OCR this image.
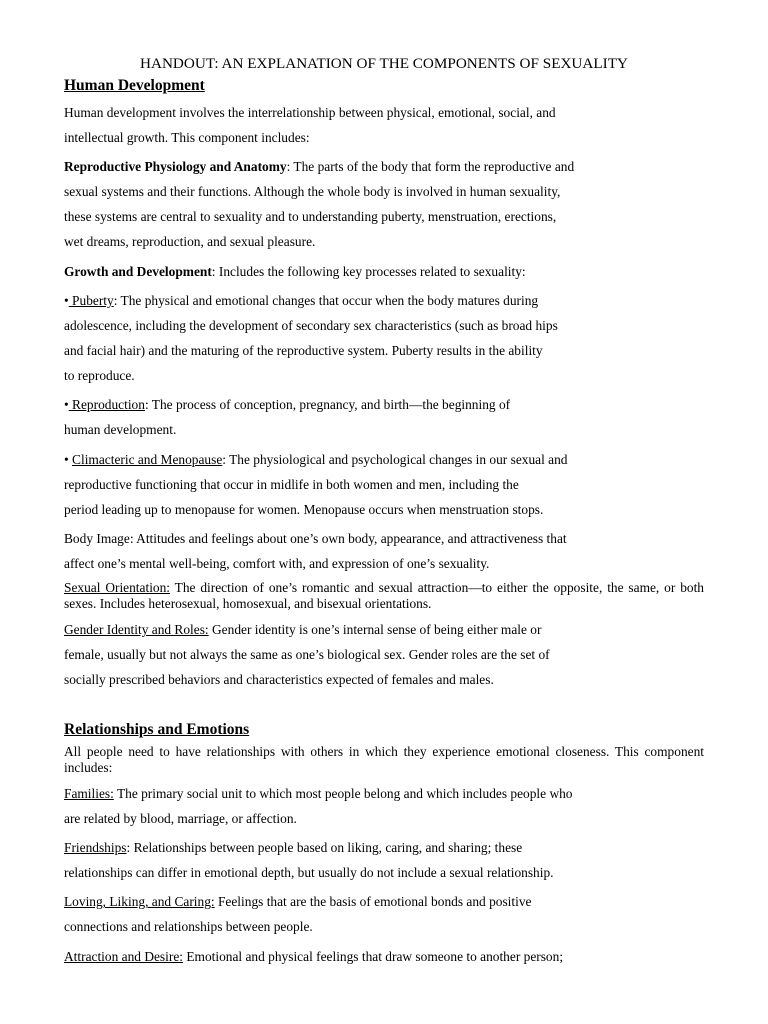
HANDOUT: AN EXPLANATION OF THE COMPONENTS OF SEXUALITY

Human Development

Human development involves the interrelationship between physical, emotional, social, and
intellectual growth. This component includes:

Reproductive Physiology and Anatomy: The parts of the body that form the reproductive and
sexual systems and their functions. Although the whole body is involved in human sexuality,
these systems are central to sexuality and to understanding puberty, menstruation, erections,
wet dreams, reproduction, and sexual pleasure.

Growth and Development: Includes the following key processes related to sexuality:

• Puberty: The physical and emotional changes that occur when the body matures during
adolescence, including the development of secondary sex characteristics (such as broad hips
and facial hair) and the maturing of the reproductive system. Puberty results in the ability
to reproduce.

• Reproduction: The process of conception, pregnancy, and birth—the beginning of
human development.

• Climacteric and Menopause: The physiological and psychological changes in our sexual and
reproductive functioning that occur in midlife in both women and men, including the
period leading up to menopause for women. Menopause occurs when menstruation stops.

Body Image: Attitudes and feelings about one’s own body, appearance, and attractiveness that
affect one’s mental well-being, comfort with, and expression of one’s sexuality.

Sexual Orientation: The direction of one’s romantic and sexual attraction—to either the opposite, the same, or both sexes. Includes heterosexual, homosexual, and bisexual orientations.

Gender Identity and Roles: Gender identity is one’s internal sense of being either male or
female, usually but not always the same as one’s biological sex. Gender roles are the set of
socially prescribed behaviors and characteristics expected of females and males.

Relationships and Emotions

All people need to have relationships with others in which they experience emotional closeness. This component includes:

Families: The primary social unit to which most people belong and which includes people who
are related by blood, marriage, or affection.

Friendships: Relationships between people based on liking, caring, and sharing; these
relationships can differ in emotional depth, but usually do not include a sexual relationship.

Loving, Liking, and Caring: Feelings that are the basis of emotional bonds and positive
connections and relationships between people.

Attraction and Desire: Emotional and physical feelings that draw someone to another person;
